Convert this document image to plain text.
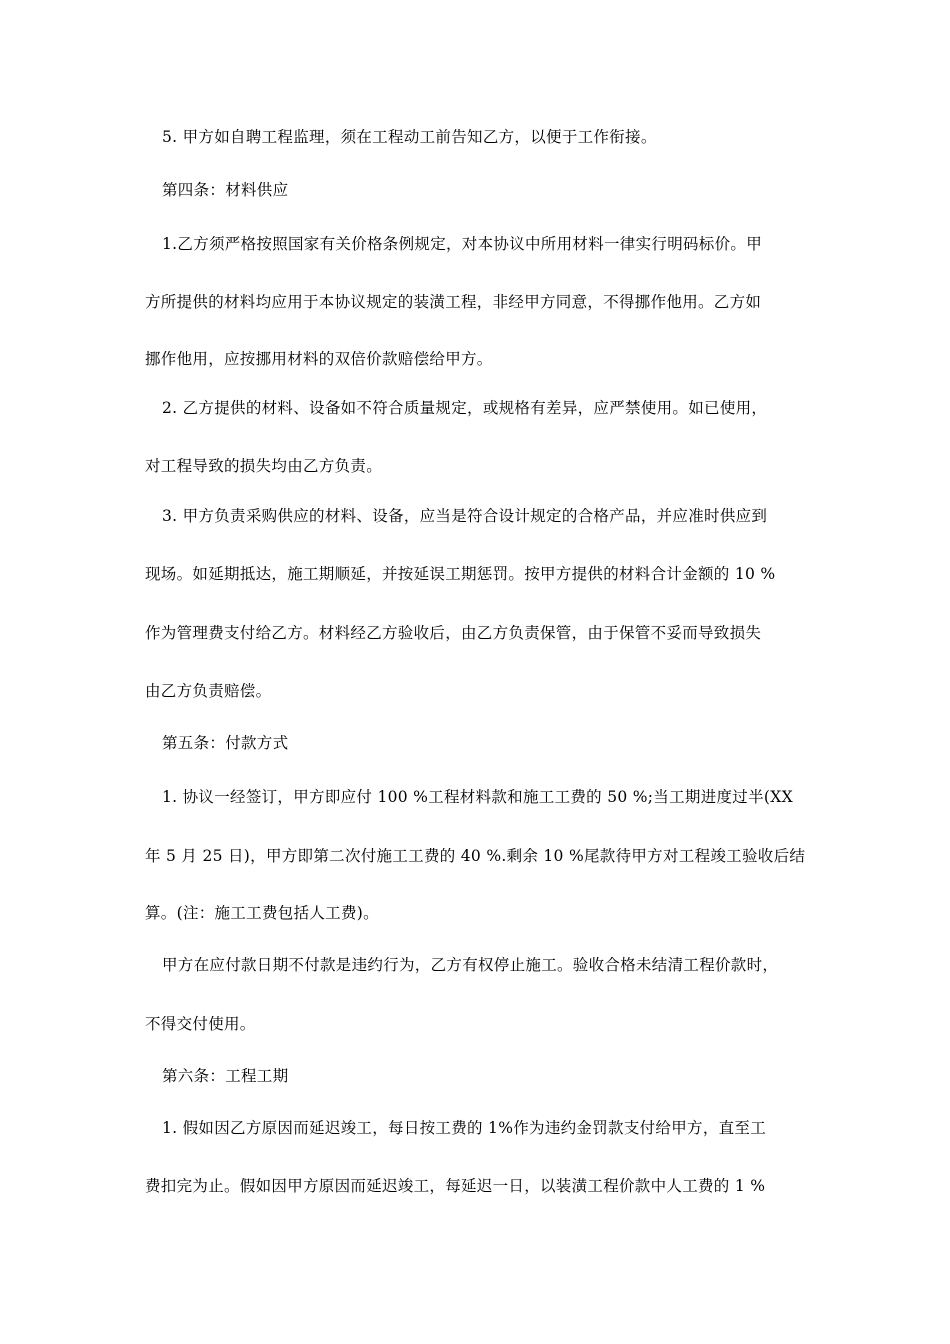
5. 甲方如自聘工程监理，须在工程动工前告知乙方，以便于工作衔接。
第四条：材料供应
1.乙方须严格按照国家有关价格条例规定，对本协议中所用材料一律实行明码标价。甲
方所提供的材料均应用于本协议规定的装潢工程，非经甲方同意，不得挪作他用。乙方如
挪作他用，应按挪用材料的双倍价款赔偿给甲方。
2. 乙方提供的材料、设备如不符合质量规定，或规格有差异，应严禁使用。如已使用，
对工程导致的损失均由乙方负责。
3. 甲方负责采购供应的材料、设备，应当是符合设计规定的合格产品，并应准时供应到
现场。如延期抵达，施工期顺延，并按延误工期惩罚。按甲方提供的材料合计金额的 10 %
作为管理费支付给乙方。材料经乙方验收后，由乙方负责保管，由于保管不妥而导致损失
由乙方负责赔偿。
第五条：付款方式
1. 协议一经签订，甲方即应付 100 %工程材料款和施工工费的 50 %;当工期进度过半(XX
年 5 月 25 日)，甲方即第二次付施工工费的 40 %.剩余 10 %尾款待甲方对工程竣工验收后结
算。(注：施工工费包括人工费)。
甲方在应付款日期不付款是违约行为，乙方有权停止施工。验收合格未结清工程价款时，
不得交付使用。
第六条：工程工期
1. 假如因乙方原因而延迟竣工，每日按工费的 1%作为违约金罚款支付给甲方，直至工
费扣完为止。假如因甲方原因而延迟竣工，每延迟一日，以装潢工程价款中人工费的 1 %
